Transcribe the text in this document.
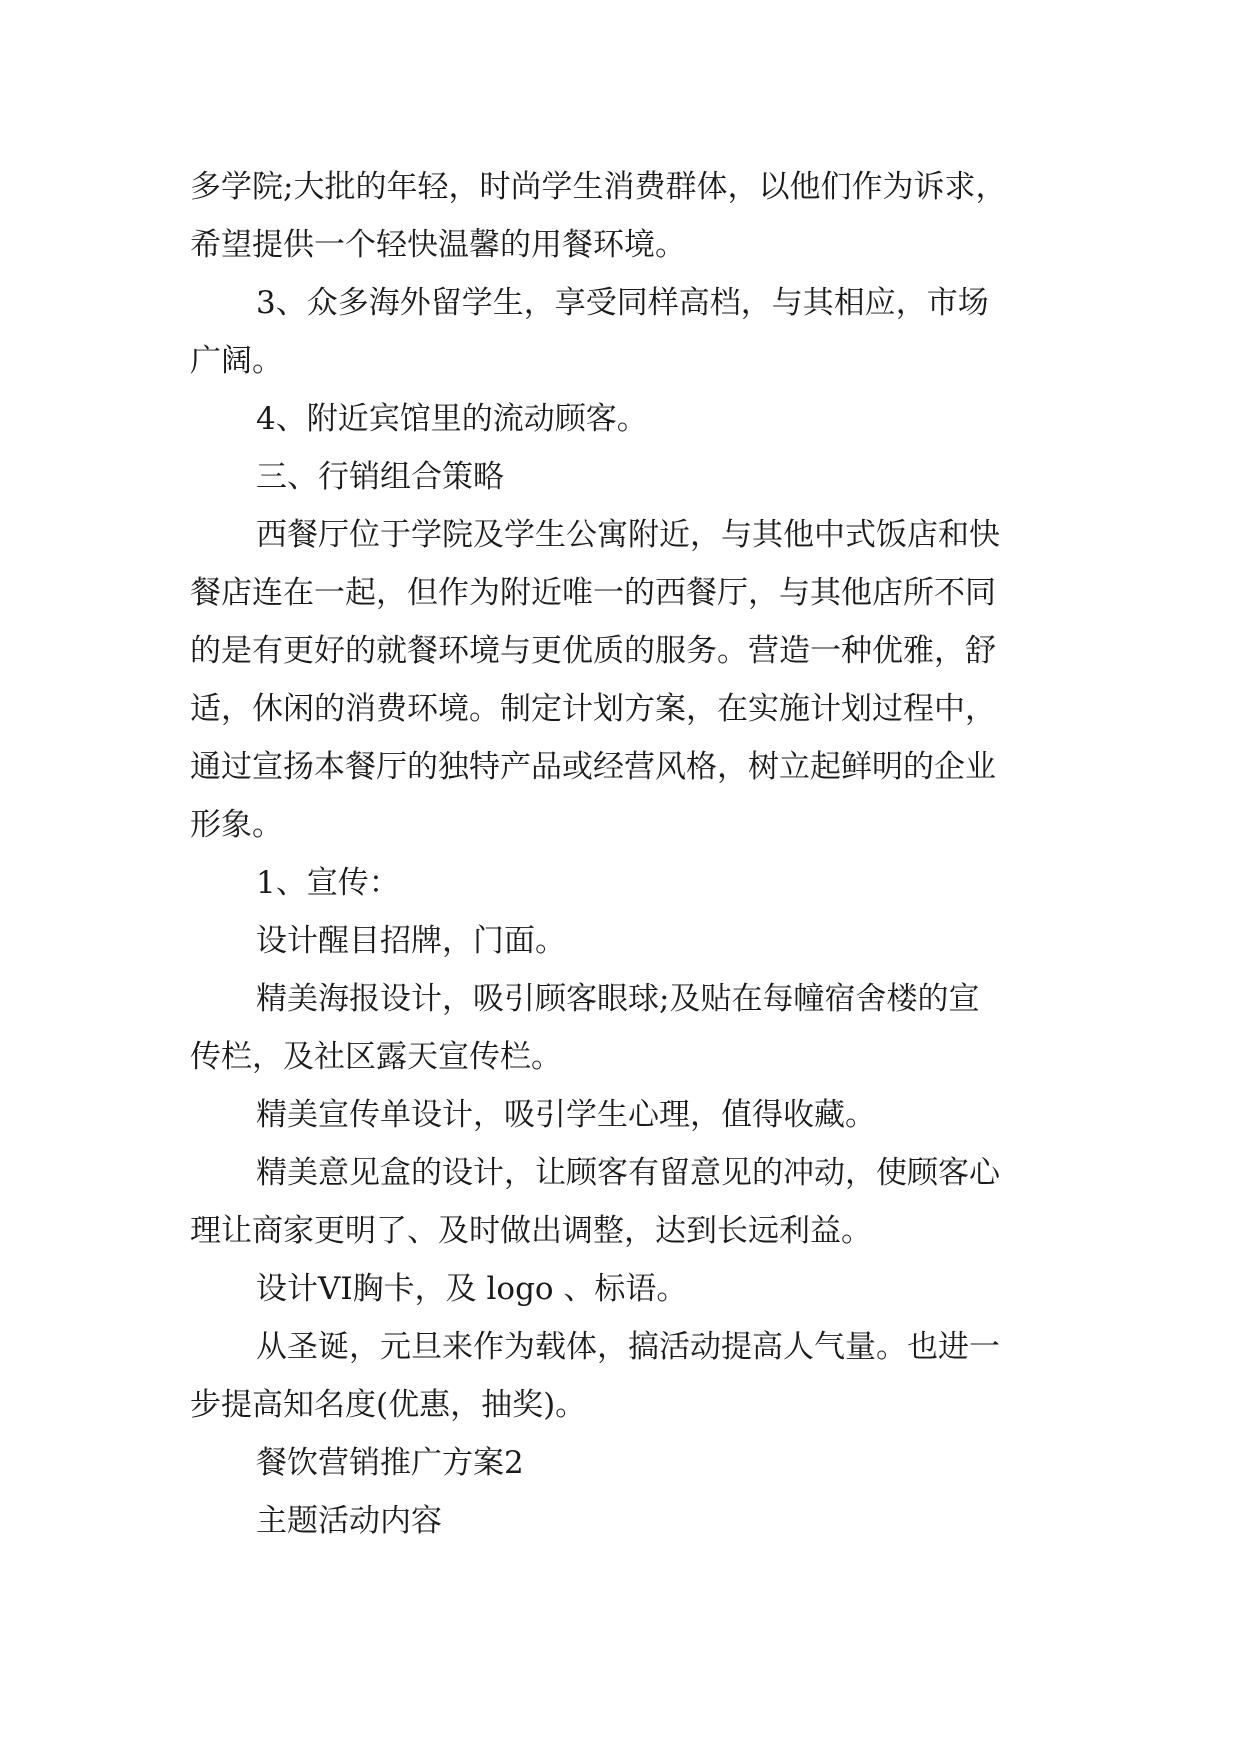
多学院;大批的年轻，时尚学生消费群体，以他们作为诉求，

希望提供一个轻快温馨的用餐环境。

3、众多海外留学生，享受同样高档，与其相应，市场

广阔。

4、附近宾馆里的流动顾客。

三、行销组合策略

西餐厅位于学院及学生公寓附近，与其他中式饭店和快

餐店连在一起，但作为附近唯一的西餐厅，与其他店所不同

的是有更好的就餐环境与更优质的服务。营造一种优雅，舒

适，休闲的消费环境。制定计划方案，在实施计划过程中，

通过宣扬本餐厅的独特产品或经营风格，树立起鲜明的企业

形象。

1、宣传：

设计醒目招牌，门面。

精美海报设计，吸引顾客眼球;及贴在每幢宿舍楼的宣

传栏，及社区露天宣传栏。

精美宣传单设计，吸引学生心理，值得收藏。

精美意见盒的设计，让顾客有留意见的冲动，使顾客心

理让商家更明了、及时做出调整，达到长远利益。

设计VI胸卡，及 logo 、标语。

从圣诞，元旦来作为载体，搞活动提高人气量。也进一

步提高知名度(优惠，抽奖)。

餐饮营销推广方案2

主题活动内容
